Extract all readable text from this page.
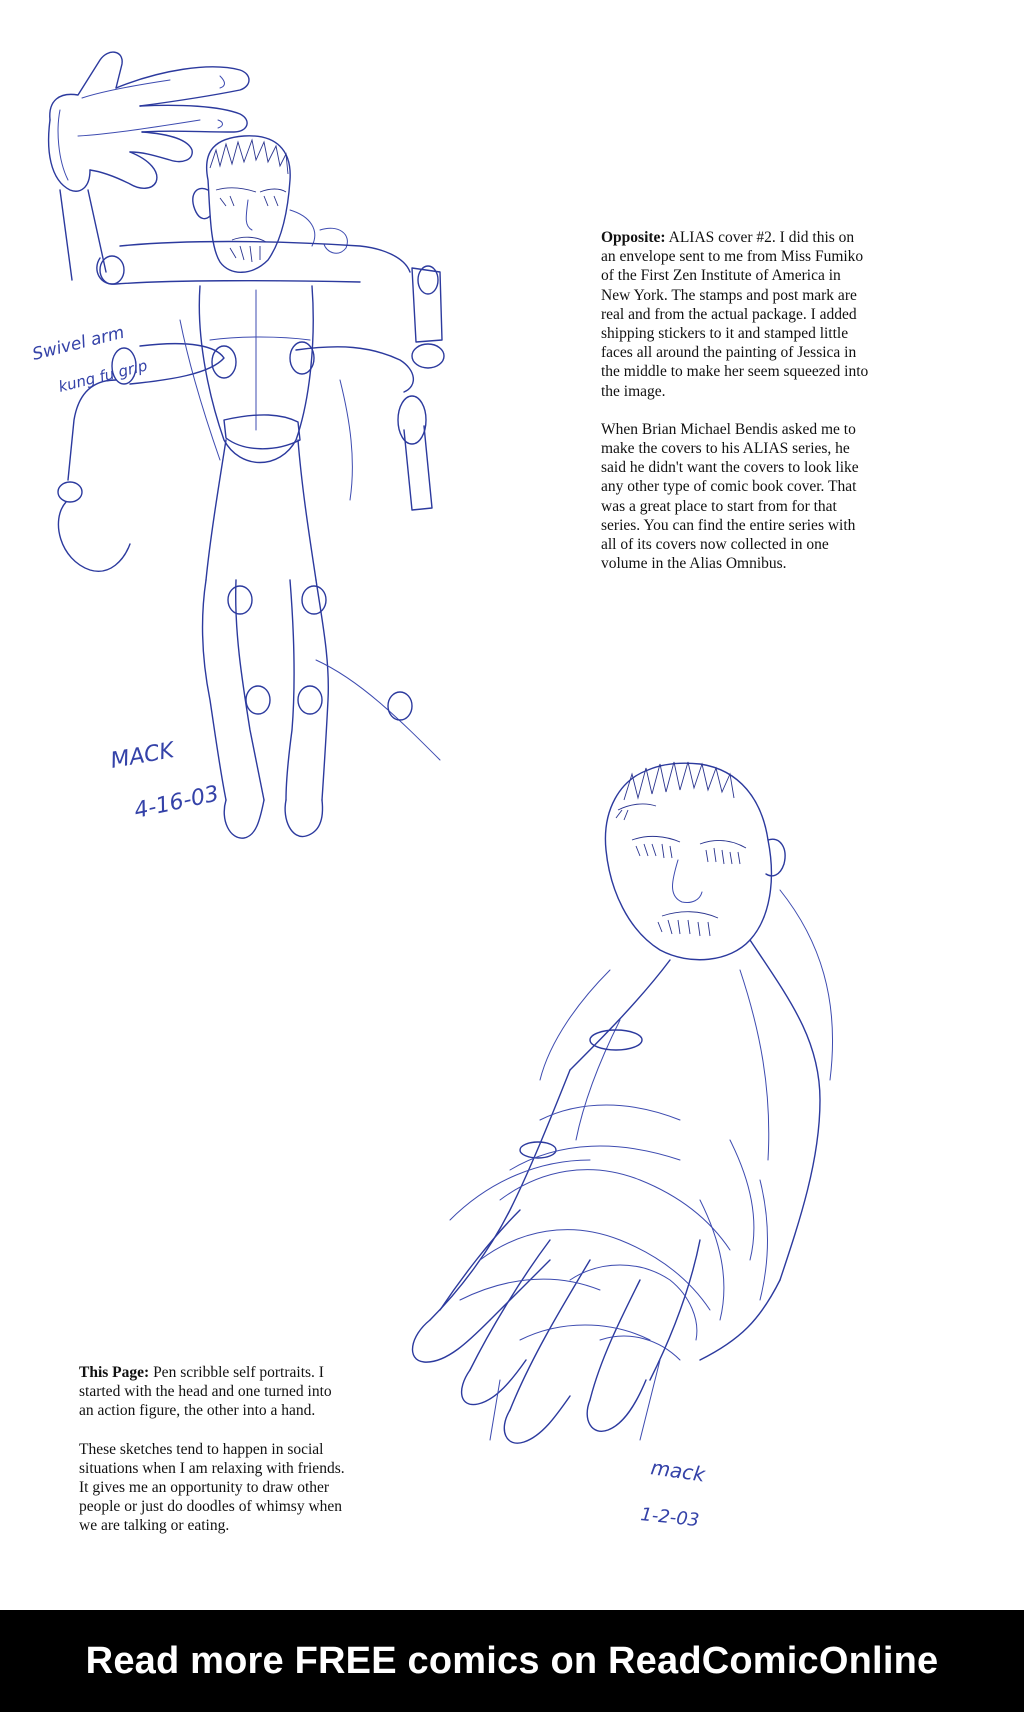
Swivel arm
kung fu grip
MACK
4-16-03

Opposite: ALIAS cover #2. I did this on an envelope sent to me from Miss Fumiko of the First Zen Institute of America in New York. The stamps and post mark are real and from the actual package. I added shipping stickers to it and stamped little faces all around the painting of Jessica in the middle to make her seem squeezed into the image.

When Brian Michael Bendis asked me to make the covers to his ALIAS series, he said he didn't want the covers to look like any other type of comic book cover. That was a great place to start from for that series. You can find the entire series with all of its covers now collected in one volume in the Alias Omnibus.

mack
1-2-03

This Page: Pen scribble self portraits. I started with the head and one turned into an action figure, the other into a hand.

These sketches tend to happen in social situations when I am relaxing with friends. It gives me an opportunity to draw other people or just do doodles of whimsy when we are talking or eating.

Read more FREE comics on ReadComicOnline
